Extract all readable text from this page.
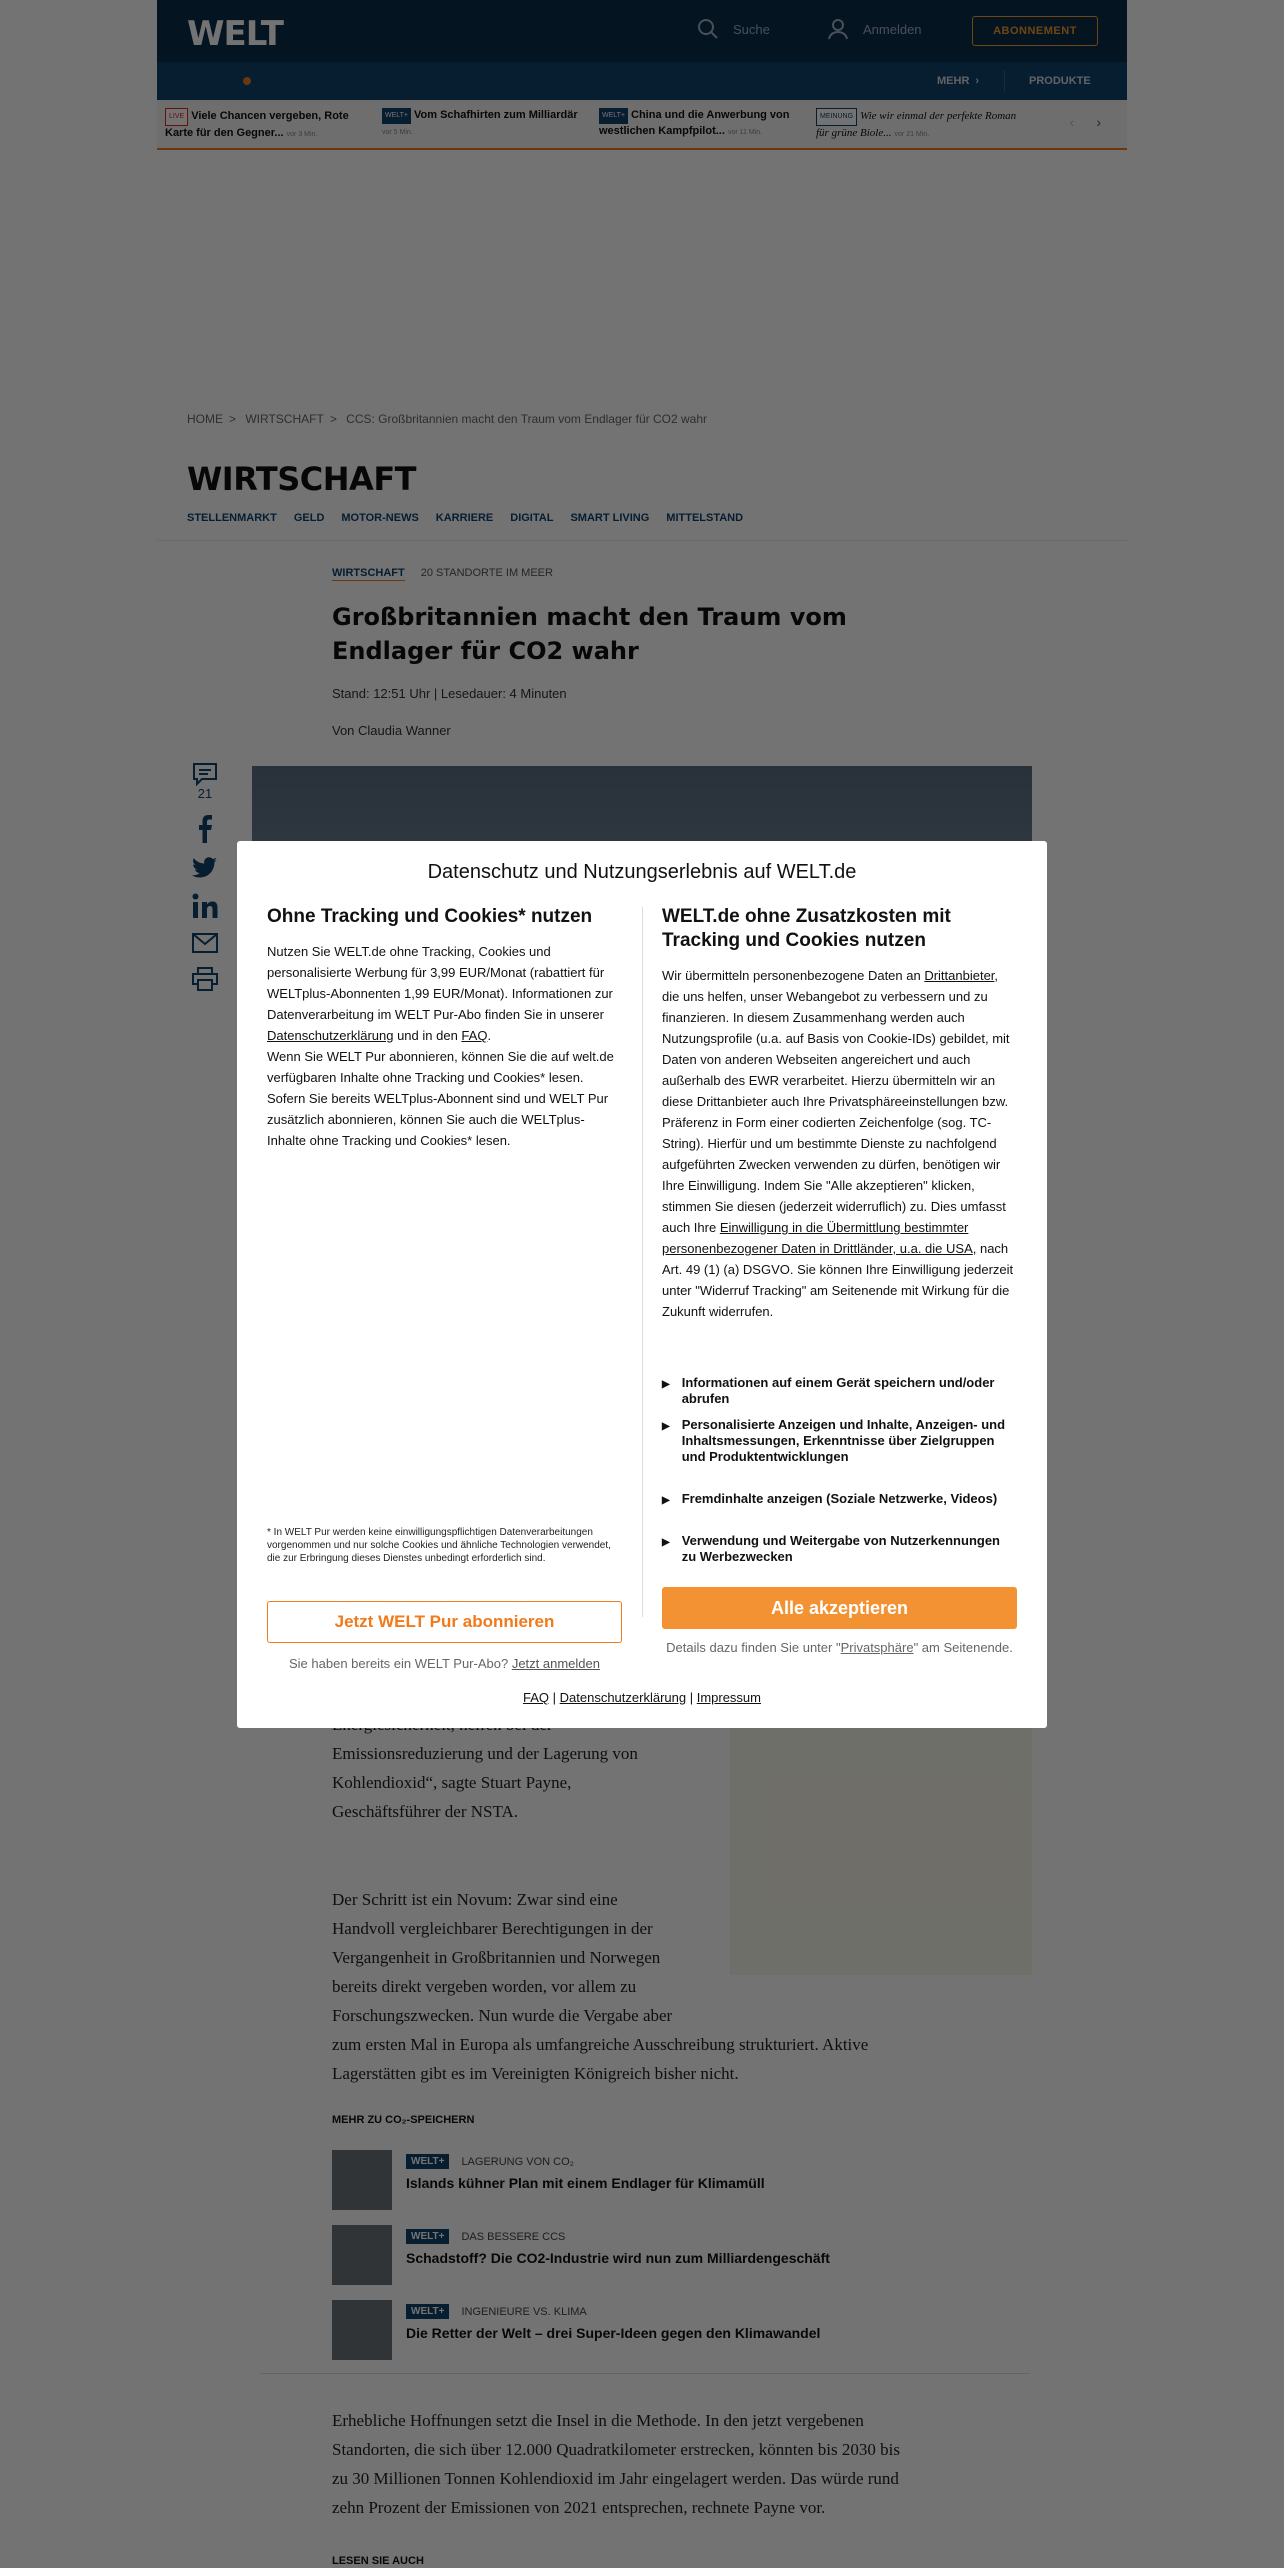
Datenschutz und Nutzungserlebnis auf WELT.de
Ohne Tracking und Cookies* nutzen
Nutzen Sie WELT.de ohne Tracking, Cookies und personalisierte Werbung für 3,99 EUR/Monat (rabattiert für WELTplus-Abonnenten 1,99 EUR/Monat). Informationen zur Datenverarbeitung im WELT Pur-Abo finden Sie in unserer Datenschutzerklärung und in den FAQ.
Wenn Sie WELT Pur abonnieren, können Sie die auf welt.de verfügbaren Inhalte ohne Tracking und Cookies* lesen. Sofern Sie bereits WELTplus-Abonnent sind und WELT Pur zusätzlich abonnieren, können Sie auch die WELTplus-Inhalte ohne Tracking und Cookies* lesen.
* In WELT Pur werden keine einwilligungspflichtigen Datenverarbeitungen vorgenommen und nur solche Cookies und ähnliche Technologien verwendet, die zur Erbringung dieses Dienstes unbedingt erforderlich sind.
Jetzt WELT Pur abonnieren
Sie haben bereits ein WELT Pur-Abo? Jetzt anmelden
WELT.de ohne Zusatzkosten mit Tracking und Cookies nutzen
Wir übermitteln personenbezogene Daten an Drittanbieter, die uns helfen, unser Webangebot zu verbessern und zu finanzieren. In diesem Zusammenhang werden auch Nutzungsprofile (u.a. auf Basis von Cookie-IDs) gebildet, mit Daten von anderen Webseiten angereichert und auch außerhalb des EWR verarbeitet. Hierzu übermitteln wir an diese Drittanbieter auch Ihre Privatsphäreeinstellungen bzw. Präferenz in Form einer codierten Zeichenfolge (sog. TC-String). Hierfür und um bestimmte Dienste zu nachfolgend aufgeführten Zwecken verwenden zu dürfen, benötigen wir Ihre Einwilligung. Indem Sie "Alle akzeptieren" klicken, stimmen Sie diesen (jederzeit widerruflich) zu. Dies umfasst auch Ihre Einwilligung in die Übermittlung bestimmter personenbezogener Daten in Drittländer, u.a. die USA, nach Art. 49 (1) (a) DSGVO. Sie können Ihre Einwilligung jederzeit unter "Widerruf Tracking" am Seitenende mit Wirkung für die Zukunft widerrufen.
▶ Informationen auf einem Gerät speichern und/oder abrufen
▶ Personalisierte Anzeigen und Inhalte, Anzeigen- und Inhaltsmessungen, Erkenntnisse über Zielgruppen und Produktentwicklungen
▶ Fremdinhalte anzeigen (Soziale Netzwerke, Videos)
▶ Verwendung und Weitergabe von Nutzerkennungen zu Werbezwecken
Alle akzeptieren
Details dazu finden Sie unter "Privatsphäre" am Seitenende.
FAQ | Datenschutzerklärung | Impressum
